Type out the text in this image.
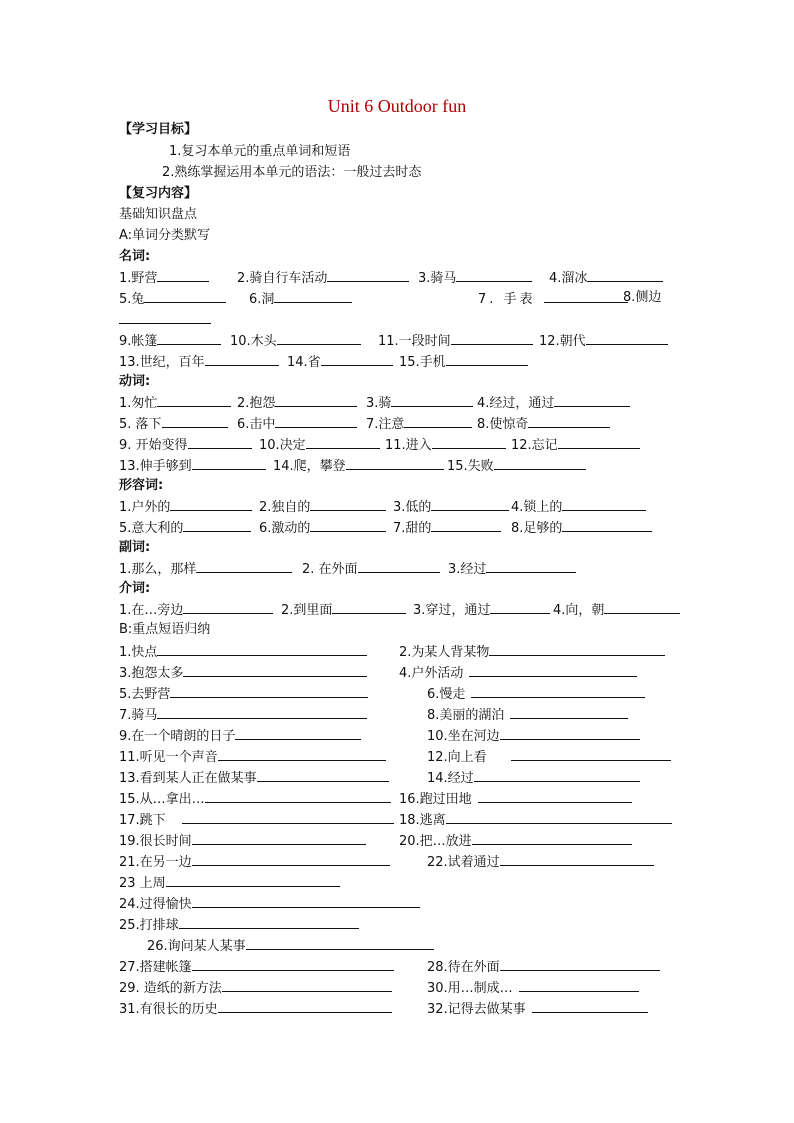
Unit 6 Outdoor fun
【学习目标】
1.复习本单元的重点单词和短语
2.熟练掌握运用本单元的语法：一般过去时态
【复习内容】
基础知识盘点
A:单词分类默写
名词:
1.野营	2.骑自行车活动	3.骑马	4.溜冰
5.兔	6.洞	7. 手表	8.侧边
9.帐篷	10.木头	11.一段时间	12.朝代
13.世纪，百年	14.省	15.手机
动词:
1.匆忙	2.抱怨	3.骑	4.经过，通过
5. 落下	6.击中	7.注意	8.使惊奇
9. 开始变得	10.决定	11.进入	12.忘记
13.伸手够到	14.爬，攀登	15.失败
形容词:
1.户外的	2.独自的	3.低的	4.锁上的
5.意大利的	6.激动的	7.甜的	8.足够的
副词:
1.那么，那样	2. 在外面	3.经过
介词:
1.在…旁边	2.到里面	3.穿过，通过	4.向，朝
B:重点短语归纳
1.快点	2.为某人背某物
3.抱怨太多	4.户外活动
5.去野营	6.慢走
7.骑马	8.美丽的湖泊
9.在一个晴朗的日子	10.坐在河边
11.听见一个声音	12.向上看
13.看到某人正在做某事	14.经过
15.从…拿出…	16.跑过田地
17.跳下	18.逃离
19.很长时间	20.把…放进
21.在另一边	22.试着通过
23 上周
24.过得愉快
25.打排球
26.询问某人某事
27.搭建帐篷	28.待在外面
29. 造纸的新方法	30.用…制成…
31.有很长的历史	32.记得去做某事
